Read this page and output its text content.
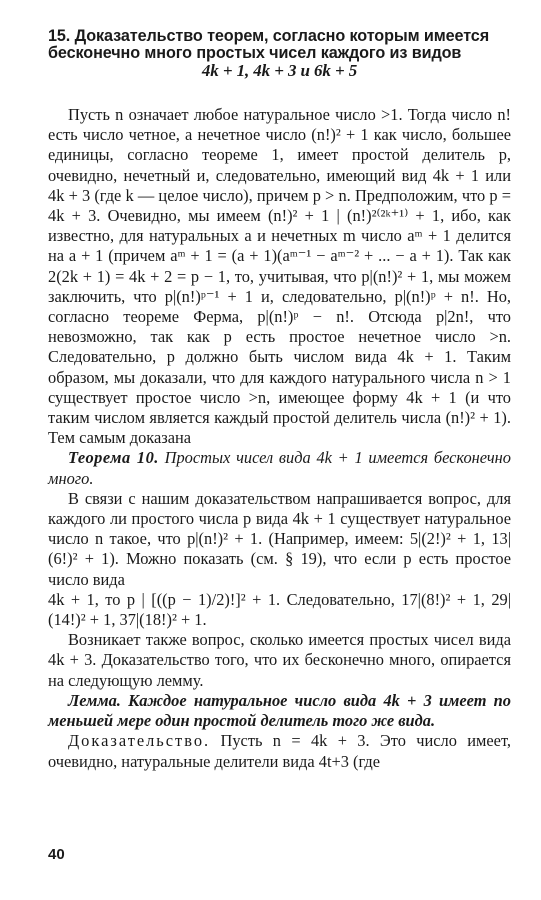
15. Доказательство теорем, согласно которым имеется
бесконечно много простых чисел каждого из видов
4k + 1, 4k + 3 и 6k + 5

Пусть n означает любое натуральное число >1. Тогда число n! есть число четное, а нечетное число (n!)² + 1 как число, большее единицы, согласно теореме 1, имеет простой делитель p, очевидно, нечетный и, следовательно, имеющий вид 4k + 1 или 4k + 3 (где k — целое число), причем p > n. Предположим, что p = 4k + 3. Очевидно, мы имеем (n!)² + 1 | (n!)²⁽²ᵏ⁺¹⁾ + 1, ибо, как известно, для натуральных a и нечетных m число aᵐ + 1 делится на a + 1 (причем aᵐ + 1 = (a + 1)(aᵐ⁻¹ − aᵐ⁻² + ... − a + 1). Так как 2(2k + 1) = 4k + 2 = p − 1, то, учитывая, что p|(n!)² + 1, мы можем заключить, что p|(n!)ᵖ⁻¹ + 1 и, следовательно, p|(n!)ᵖ + n!. Но, согласно теореме Ферма, p|(n!)ᵖ − n!. Отсюда p|2n!, что невозможно, так как p есть простое нечетное число >n. Следовательно, p должно быть числом вида 4k + 1. Таким образом, мы доказали, что для каждого натурального числа n > 1 существует простое число >n, имеющее форму 4k + 1 (и что таким числом является каждый простой делитель числа (n!)² + 1). Тем самым доказана

Теорема 10. Простых чисел вида 4k + 1 имеется бесконечно много.

В связи с нашим доказательством напрашивается вопрос, для каждого ли простого числа p вида 4k + 1 существует натуральное число n такое, что p|(n!)² + 1. (Например, имеем: 5|(2!)² + 1, 13|(6!)² + 1). Можно показать (см. § 19), что если p есть простое число вида

4k + 1, то p | [((p − 1)/2)!]² + 1. Следовательно, 17|(8!)² + 1, 29|(14!)² + 1, 37|(18!)² + 1.

Возникает также вопрос, сколько имеется простых чисел вида 4k + 3. Доказательство того, что их бесконечно много, опирается на следующую лемму.

Лемма. Каждое натуральное число вида 4k + 3 имеет по меньшей мере один простой делитель того же вида.

Доказательство. Пусть n = 4k + 3. Это число имеет, очевидно, натуральные делители вида 4t+3 (где

40
